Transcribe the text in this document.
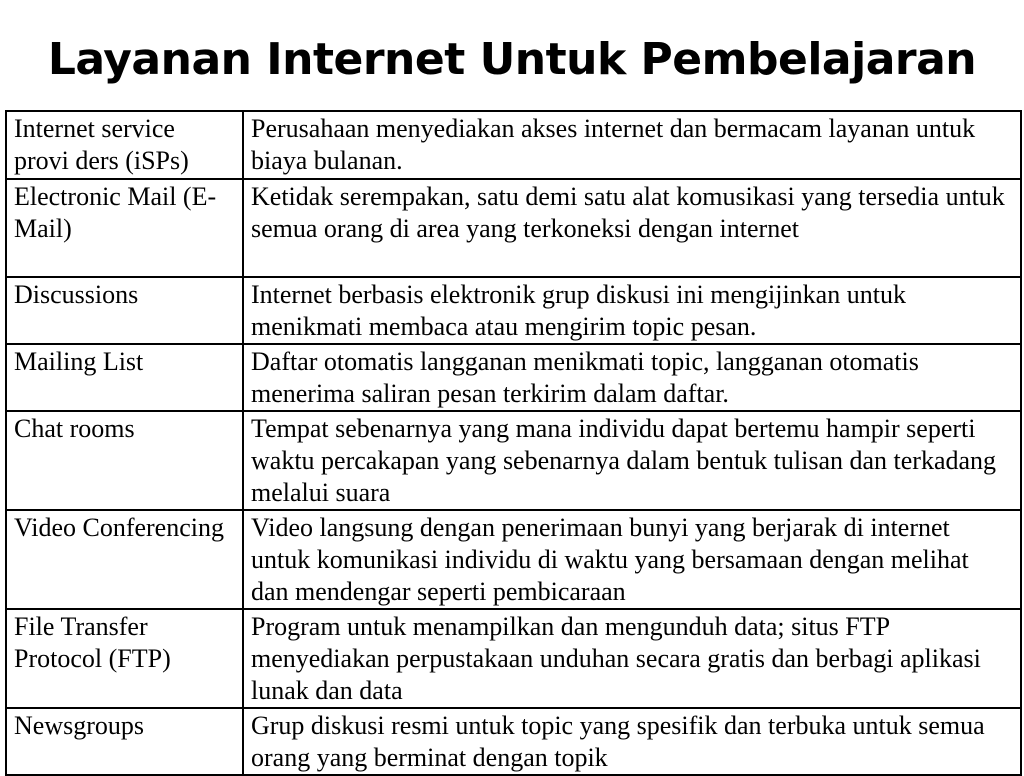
Layanan Internet Untuk Pembelajaran
Internet service provi ders (iSPs)	Perusahaan menyediakan akses internet dan bermacam layanan untuk biaya bulanan.
Electronic Mail (E-Mail)	Ketidak serempakan, satu demi satu alat komusikasi yang tersedia untuk semua orang di area yang terkoneksi dengan internet
Discussions	Internet berbasis elektronik grup diskusi ini mengijinkan untuk menikmati membaca atau mengirim topic pesan.
Mailing List	Daftar otomatis langganan menikmati topic, langganan otomatis menerima saliran pesan terkirim dalam daftar.
Chat rooms	Tempat sebenarnya yang mana individu dapat bertemu hampir seperti waktu percakapan yang sebenarnya dalam bentuk tulisan dan terkadang melalui suara
Video Conferencing	Video langsung dengan penerimaan bunyi yang berjarak di internet untuk komunikasi individu di waktu yang bersamaan dengan melihat dan mendengar seperti pembicaraan
File Transfer Protocol (FTP)	Program untuk menampilkan dan mengunduh data; situs FTP menyediakan perpustakaan unduhan secara gratis dan berbagi aplikasi lunak dan data
Newsgroups	Grup diskusi resmi untuk topic yang spesifik dan terbuka untuk semua orang yang berminat dengan topik
